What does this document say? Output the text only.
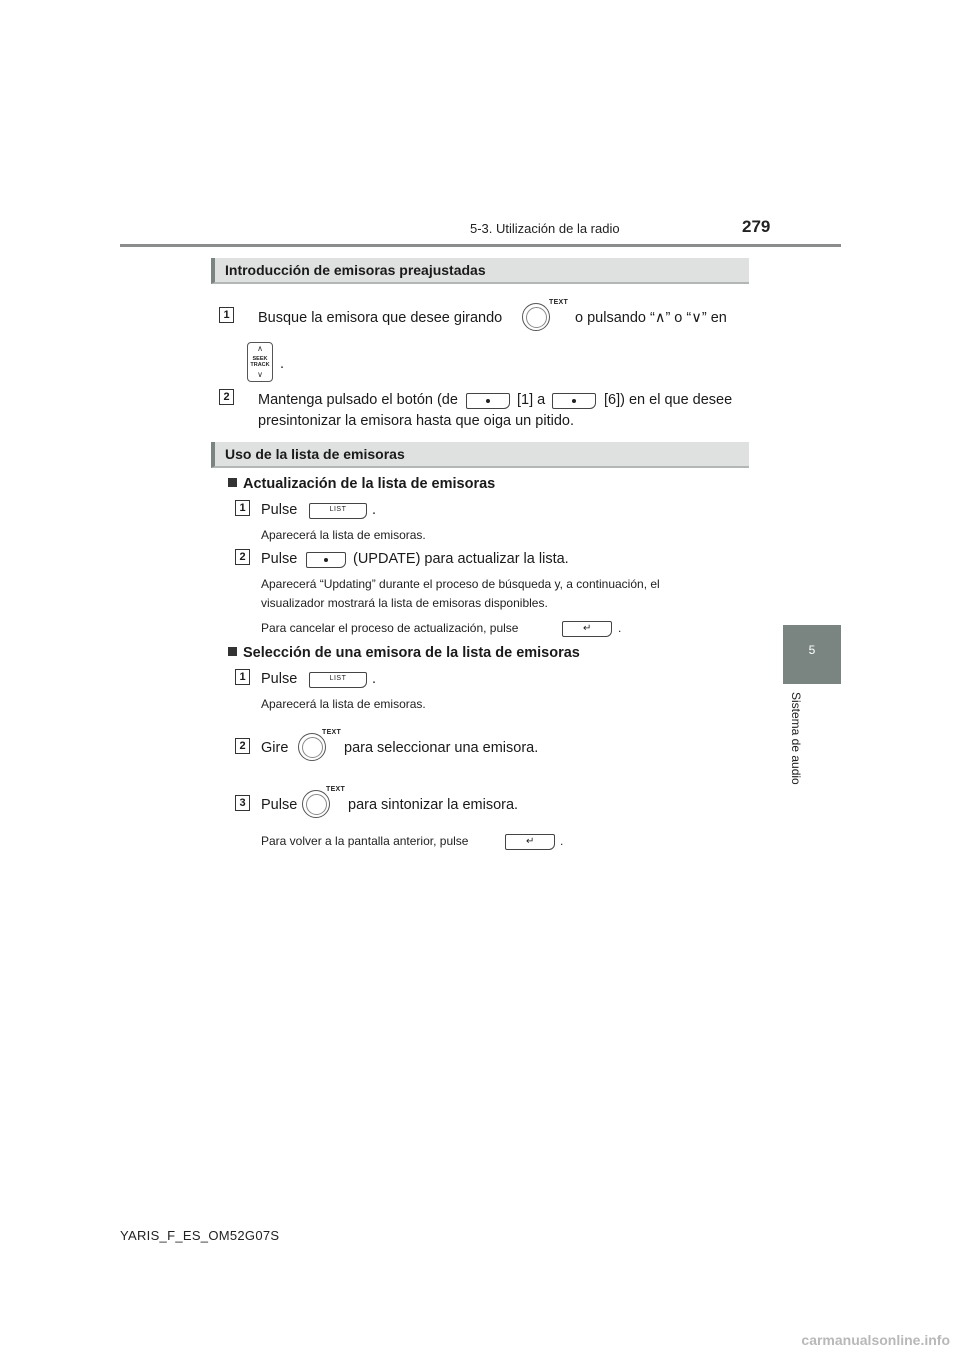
5-3. Utilización de la radio	279
5
Sistema de audio
Introducción de emisoras preajustadas
1	Busque la emisora que desee girando
TEXT
o pulsando “∧” o “∨” en
∧
SEEK
TRACK
∨
.
2	Mantenga pulsado el botón (de	[1] a	[6]) en el que desee
presintonizar la emisora hasta que oiga un pitido.
Uso de la lista de emisoras
Actualización de la lista de emisoras
1	Pulse	LIST	.
Aparecerá la lista de emisoras.
2	Pulse	(UPDATE) para actualizar la lista.
Aparecerá “Updating” durante el proceso de búsqueda y, a continuación, el
visualizador mostrará la lista de emisoras disponibles.
Para cancelar el proceso de actualización, pulse	↵ .
Selección de una emisora de la lista de emisoras
1	Pulse	LIST	.
Aparecerá la lista de emisoras.
2	Gire
TEXT
para seleccionar una emisora.
3	Pulse
TEXT
para sintonizar la emisora.
Para volver a la pantalla anterior, pulse	↵ .
YARIS_F_ES_OM52G07S
carmanualsonline.info
